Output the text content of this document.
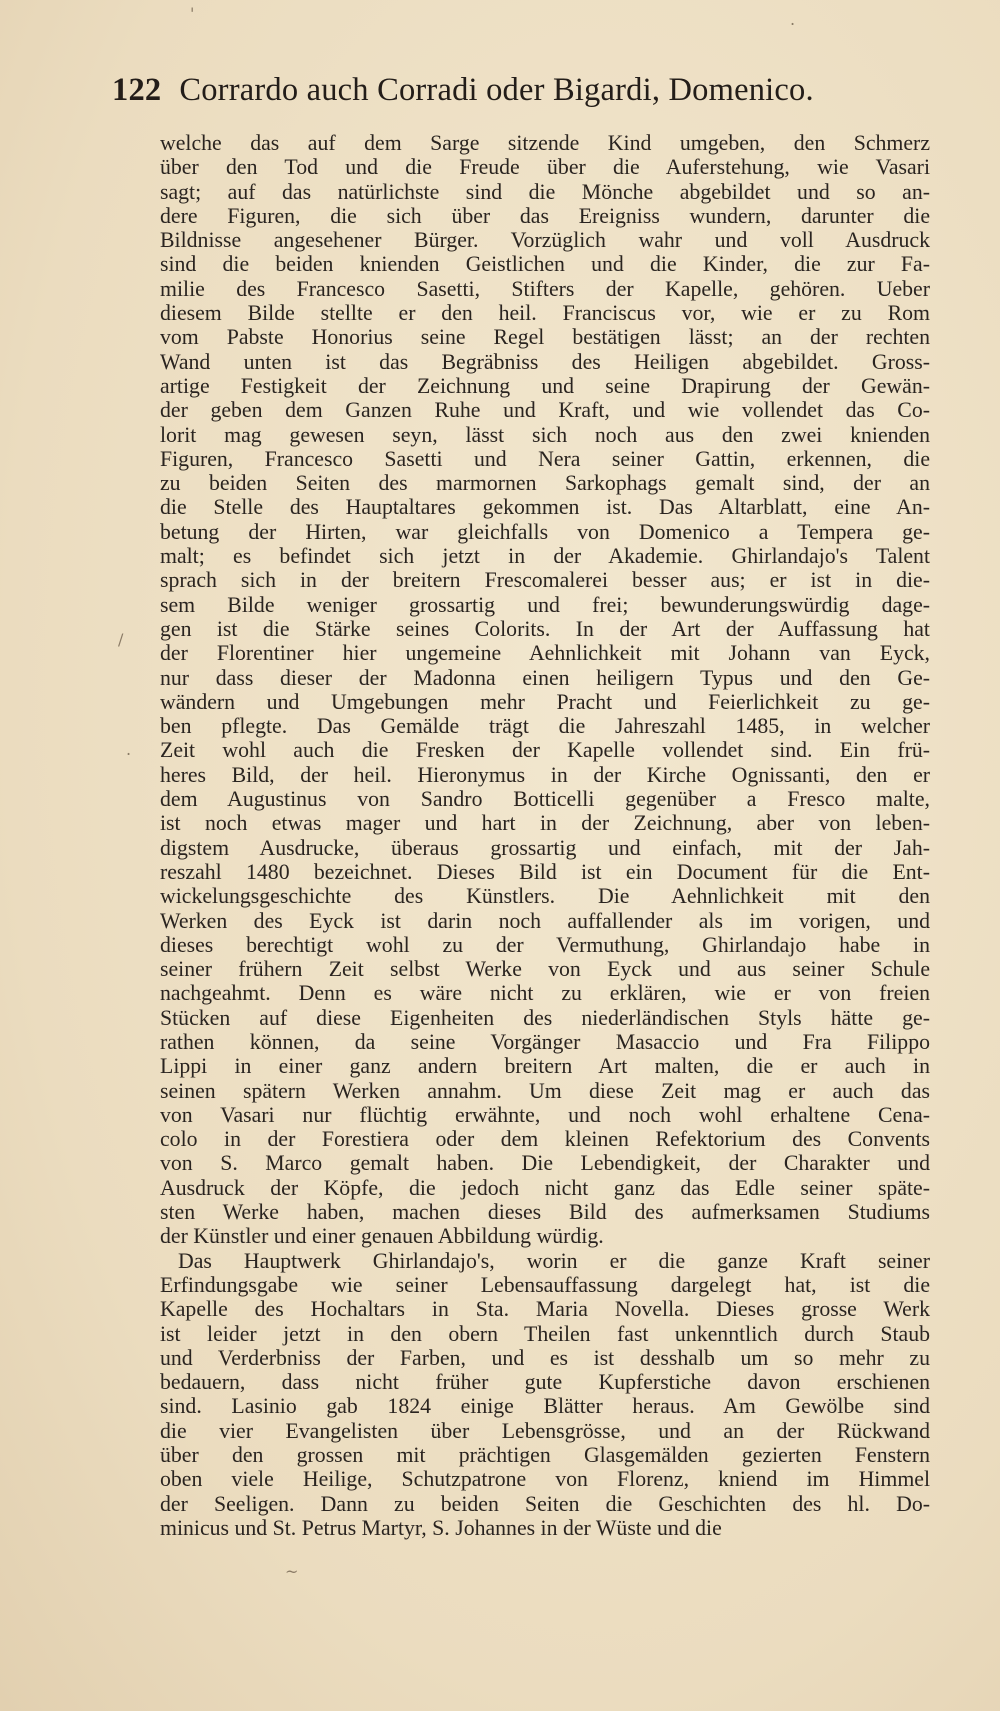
122 Corrardo auch Corradi oder Bigardi, Domenico.
welche das auf dem Sarge sitzende Kind umgeben, den Schmerz
über den Tod und die Freude über die Auferstehung, wie Vasari
sagt; auf das natürlichste sind die Mönche abgebildet und so an-
dere Figuren, die sich über das Ereigniss wundern, darunter die
Bildnisse angesehener Bürger. Vorzüglich wahr und voll Ausdruck
sind die beiden knienden Geistlichen und die Kinder, die zur Fa-
milie des Francesco Sasetti, Stifters der Kapelle, gehören. Ueber
diesem Bilde stellte er den heil. Franciscus vor, wie er zu Rom
vom Pabste Honorius seine Regel bestätigen lässt; an der rechten
Wand unten ist das Begräbniss des Heiligen abgebildet. Gross-
artige Festigkeit der Zeichnung und seine Drapirung der Gewän-
der geben dem Ganzen Ruhe und Kraft, und wie vollendet das Co-
lorit mag gewesen seyn, lässt sich noch aus den zwei knienden
Figuren, Francesco Sasetti und Nera seiner Gattin, erkennen, die
zu beiden Seiten des marmornen Sarkophags gemalt sind, der an
die Stelle des Hauptaltares gekommen ist. Das Altarblatt, eine An-
betung der Hirten, war gleichfalls von Domenico a Tempera ge-
malt; es befindet sich jetzt in der Akademie. Ghirlandajo's Talent
sprach sich in der breitern Frescomalerei besser aus; er ist in die-
sem Bilde weniger grossartig und frei; bewunderungswürdig dage-
gen ist die Stärke seines Colorits. In der Art der Auffassung hat
der Florentiner hier ungemeine Aehnlichkeit mit Johann van Eyck,
nur dass dieser der Madonna einen heiligern Typus und den Ge-
wändern und Umgebungen mehr Pracht und Feierlichkeit zu ge-
ben pflegte. Das Gemälde trägt die Jahreszahl 1485, in welcher
Zeit wohl auch die Fresken der Kapelle vollendet sind. Ein frü-
heres Bild, der heil. Hieronymus in der Kirche Ognissanti, den er
dem Augustinus von Sandro Botticelli gegenüber a Fresco malte,
ist noch etwas mager und hart in der Zeichnung, aber von leben-
digstem Ausdrucke, überaus grossartig und einfach, mit der Jah-
reszahl 1480 bezeichnet. Dieses Bild ist ein Document für die Ent-
wickelungsgeschichte des Künstlers. Die Aehnlichkeit mit den
Werken des Eyck ist darin noch auffallender als im vorigen, und
dieses berechtigt wohl zu der Vermuthung, Ghirlandajo habe in
seiner frühern Zeit selbst Werke von Eyck und aus seiner Schule
nachgeahmt. Denn es wäre nicht zu erklären, wie er von freien
Stücken auf diese Eigenheiten des niederländischen Styls hätte ge-
rathen können, da seine Vorgänger Masaccio und Fra Filippo
Lippi in einer ganz andern breitern Art malten, die er auch in
seinen spätern Werken annahm. Um diese Zeit mag er auch das
von Vasari nur flüchtig erwähnte, und noch wohl erhaltene Cena-
colo in der Forestiera oder dem kleinen Refektorium des Convents
von S. Marco gemalt haben. Die Lebendigkeit, der Charakter und
Ausdruck der Köpfe, die jedoch nicht ganz das Edle seiner späte-
sten Werke haben, machen dieses Bild des aufmerksamen Studiums
der Künstler und einer genauen Abbildung würdig.
Das Hauptwerk Ghirlandajo's, worin er die ganze Kraft seiner
Erfindungsgabe wie seiner Lebensauffassung dargelegt hat, ist die
Kapelle des Hochaltars in Sta. Maria Novella. Dieses grosse Werk
ist leider jetzt in den obern Theilen fast unkenntlich durch Staub
und Verderbniss der Farben, und es ist desshalb um so mehr zu
bedauern, dass nicht früher gute Kupferstiche davon erschienen
sind. Lasinio gab 1824 einige Blätter heraus. Am Gewölbe sind
die vier Evangelisten über Lebensgrösse, und an der Rückwand
über den grossen mit prächtigen Glasgemälden gezierten Fenstern
oben viele Heilige, Schutzpatrone von Florenz, kniend im Himmel
der Seeligen. Dann zu beiden Seiten die Geschichten des hl. Do-
minicus und St. Petrus Martyr, S. Johannes in der Wüste und die
'	.
/
.
~
